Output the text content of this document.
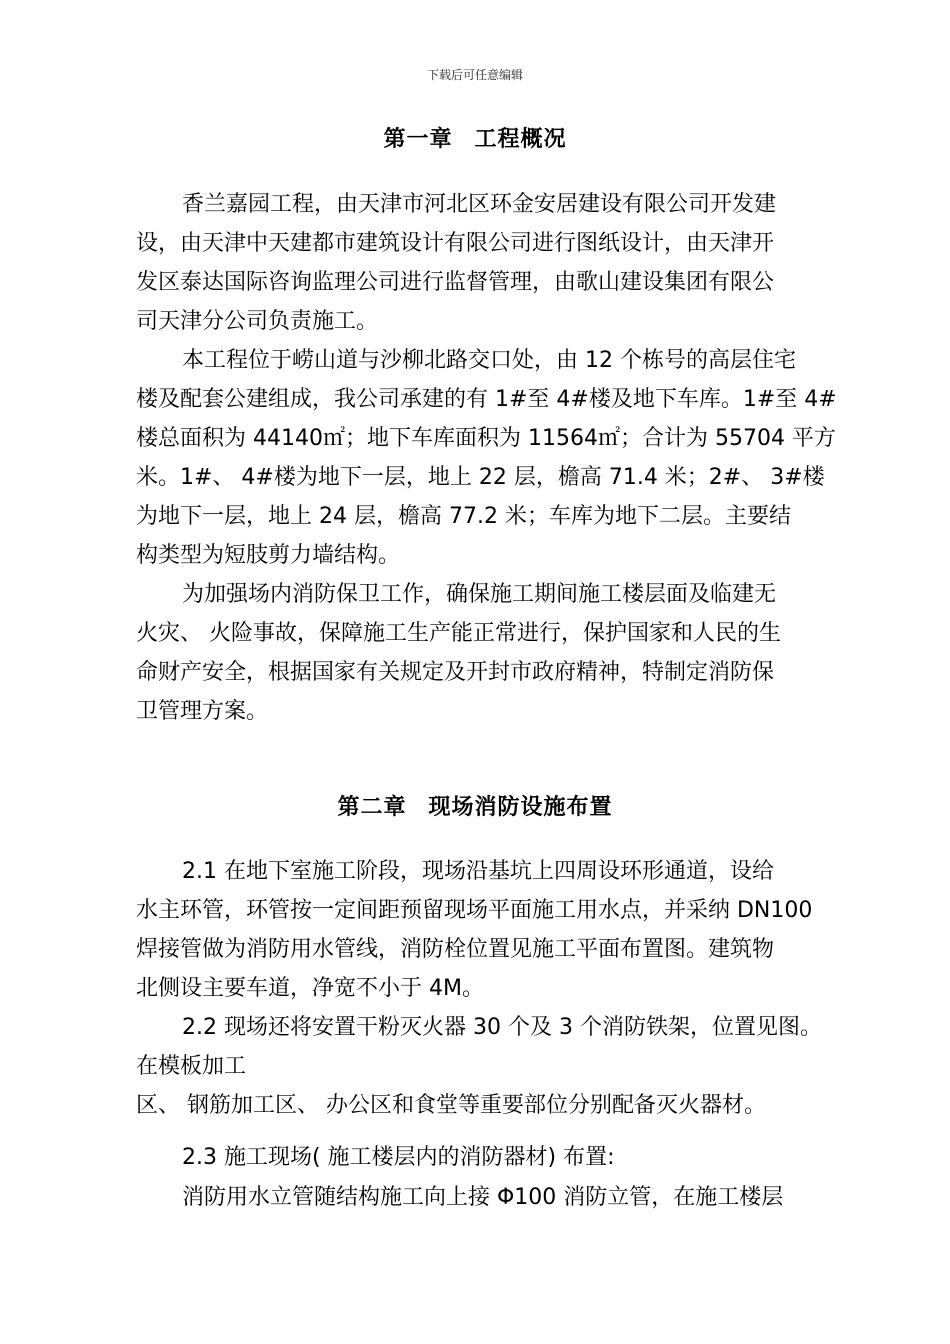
下载后可任意编辑
第一章 工程概况
香兰嘉园工程，由天津市河北区环金安居建设有限公司开发建
设，由天津中天建都市建筑设计有限公司进行图纸设计，由天津开
发区泰达国际咨询监理公司进行监督管理，由歌山建设集团有限公
司天津分公司负责施工。
本工程位于崂山道与沙柳北路交口处，由 12 个栋号的高层住宅
楼及配套公建组成，我公司承建的有 1#至 4#楼及地下车库。1#至 4#
楼总面积为 44140㎡；地下车库面积为 11564㎡；合计为 55704 平方
米。1#、 4#楼为地下一层，地上 22 层，檐高 71.4 米；2#、 3#楼
为地下一层，地上 24 层，檐高 77.2 米；车库为地下二层。主要结
构类型为短肢剪力墙结构。
为加强场内消防保卫工作，确保施工期间施工楼层面及临建无
火灾、 火险事故，保障施工生产能正常进行，保护国家和人民的生
命财产安全，根据国家有关规定及开封市政府精神，特制定消防保
卫管理方案。
第二章 现场消防设施布置
2.1 在地下室施工阶段，现场沿基坑上四周设环形通道，设给
水主环管，环管按一定间距预留现场平面施工用水点，并采纳 DN100
焊接管做为消防用水管线，消防栓位置见施工平面布置图。建筑物
北侧设主要车道，净宽不小于 4M。
2.2 现场还将安置干粉灭火器 30 个及 3 个消防铁架，位置见图。
在模板加工
区、 钢筋加工区、 办公区和食堂等重要部位分别配备灭火器材。
2.3 施工现场( 施工楼层内的消防器材) 布置:
消防用水立管随结构施工向上接 Φ100 消防立管，在施工楼层
